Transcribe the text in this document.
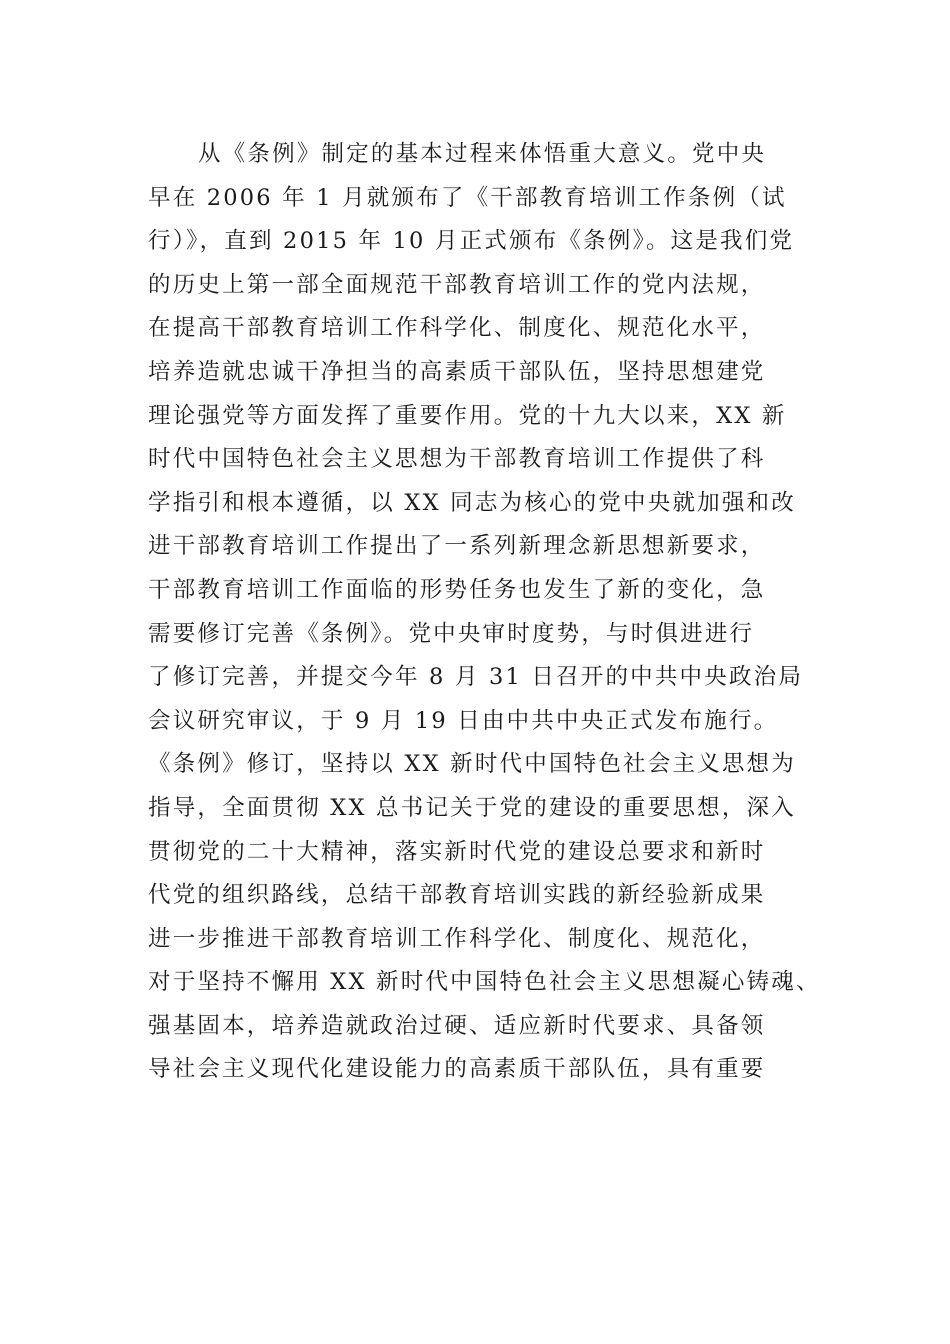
从《条例》制定的基本过程来体悟重大意义。党中央
早在 2006 年 1 月就颁布了《干部教育培训工作条例（试
行）》，直到 2015 年 10 月正式颁布《条例》。这是我们党
的历史上第一部全面规范干部教育培训工作的党内法规，
在提高干部教育培训工作科学化、制度化、规范化水平，
培养造就忠诚干净担当的高素质干部队伍，坚持思想建党
理论强党等方面发挥了重要作用。党的十九大以来，XX 新
时代中国特色社会主义思想为干部教育培训工作提供了科
学指引和根本遵循，以 XX 同志为核心的党中央就加强和改
进干部教育培训工作提出了一系列新理念新思想新要求，
干部教育培训工作面临的形势任务也发生了新的变化，急
需要修订完善《条例》。党中央审时度势，与时俱进进行
了修订完善，并提交今年 8 月 31 日召开的中共中央政治局
会议研究审议，于 9 月 19 日由中共中央正式发布施行。
《条例》修订，坚持以 XX 新时代中国特色社会主义思想为
指导，全面贯彻 XX 总书记关于党的建设的重要思想，深入
贯彻党的二十大精神，落实新时代党的建设总要求和新时
代党的组织路线，总结干部教育培训实践的新经验新成果
进一步推进干部教育培训工作科学化、制度化、规范化，
对于坚持不懈用 XX 新时代中国特色社会主义思想凝心铸魂、
强基固本，培养造就政治过硬、适应新时代要求、具备领
导社会主义现代化建设能力的高素质干部队伍，具有重要
